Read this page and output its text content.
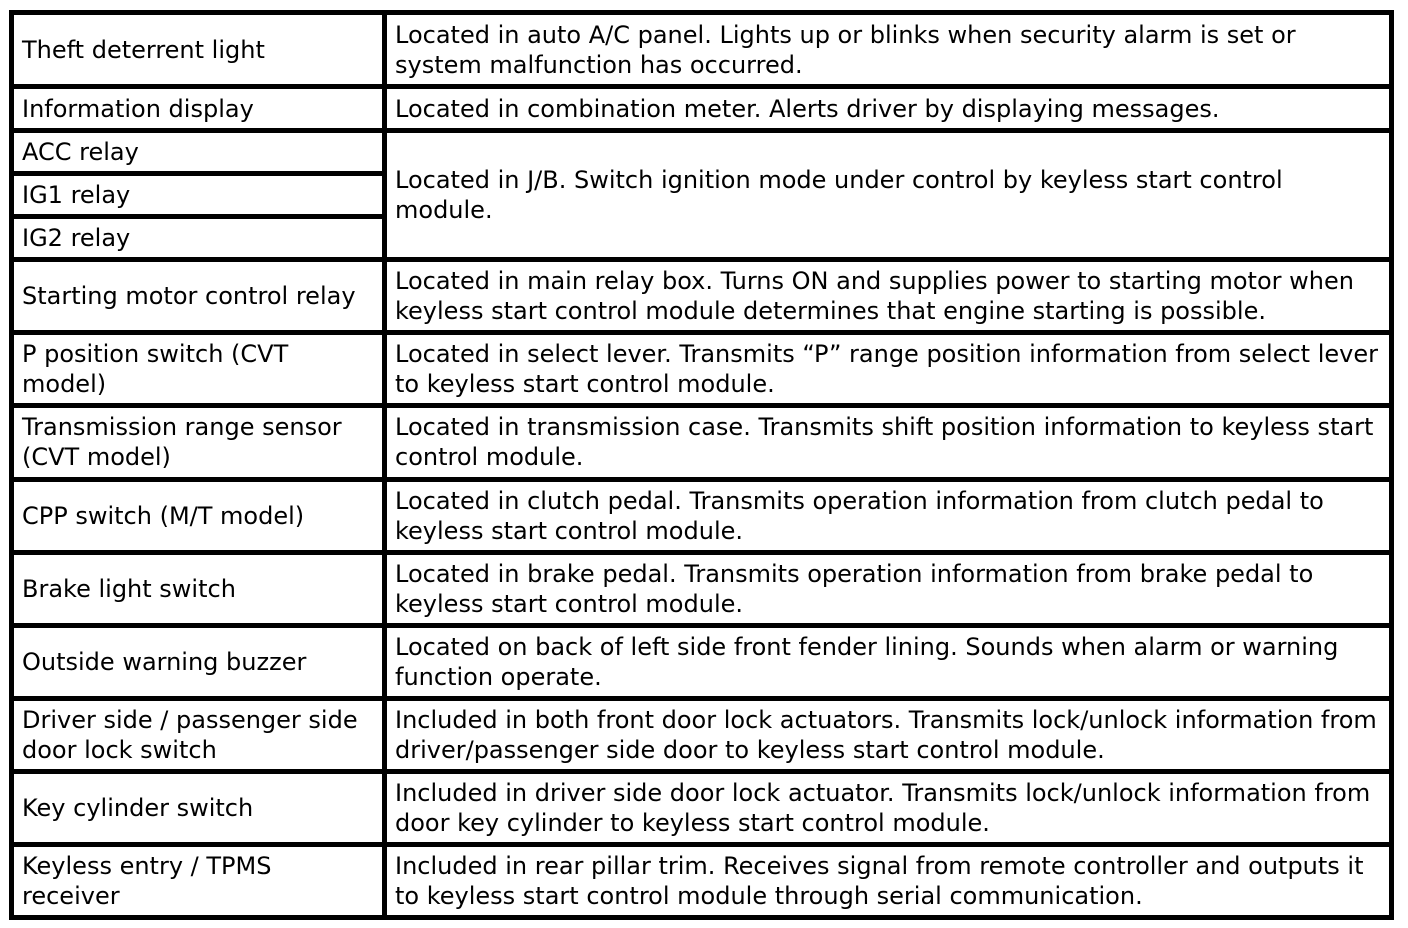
Theft deterrent light	Located in auto A/C panel. Lights up or blinks when security alarm is set or system malfunction has occurred.
Information display	Located in combination meter. Alerts driver by displaying messages.
ACC relay	Located in J/B. Switch ignition mode under control by keyless start control module.
IG1 relay	
IG2 relay	
Starting motor control relay	Located in main relay box. Turns ON and supplies power to starting motor when keyless start control module determines that engine starting is possible.
P position switch (CVT model)	Located in select lever. Transmits “P” range position information from select lever to keyless start control module.
Transmission range sensor (CVT model)	Located in transmission case. Transmits shift position information to keyless start control module.
CPP switch (M/T model)	Located in clutch pedal. Transmits operation information from clutch pedal to keyless start control module.
Brake light switch	Located in brake pedal. Transmits operation information from brake pedal to keyless start control module.
Outside warning buzzer	Located on back of left side front fender lining. Sounds when alarm or warning function operate.
Driver side / passenger side door lock switch	Included in both front door lock actuators. Transmits lock/unlock information from driver/passenger side door to keyless start control module.
Key cylinder switch	Included in driver side door lock actuator. Transmits lock/unlock information from door key cylinder to keyless start control module.
Keyless entry / TPMS receiver	Included in rear pillar trim. Receives signal from remote controller and outputs it to keyless start control module through serial communication.
